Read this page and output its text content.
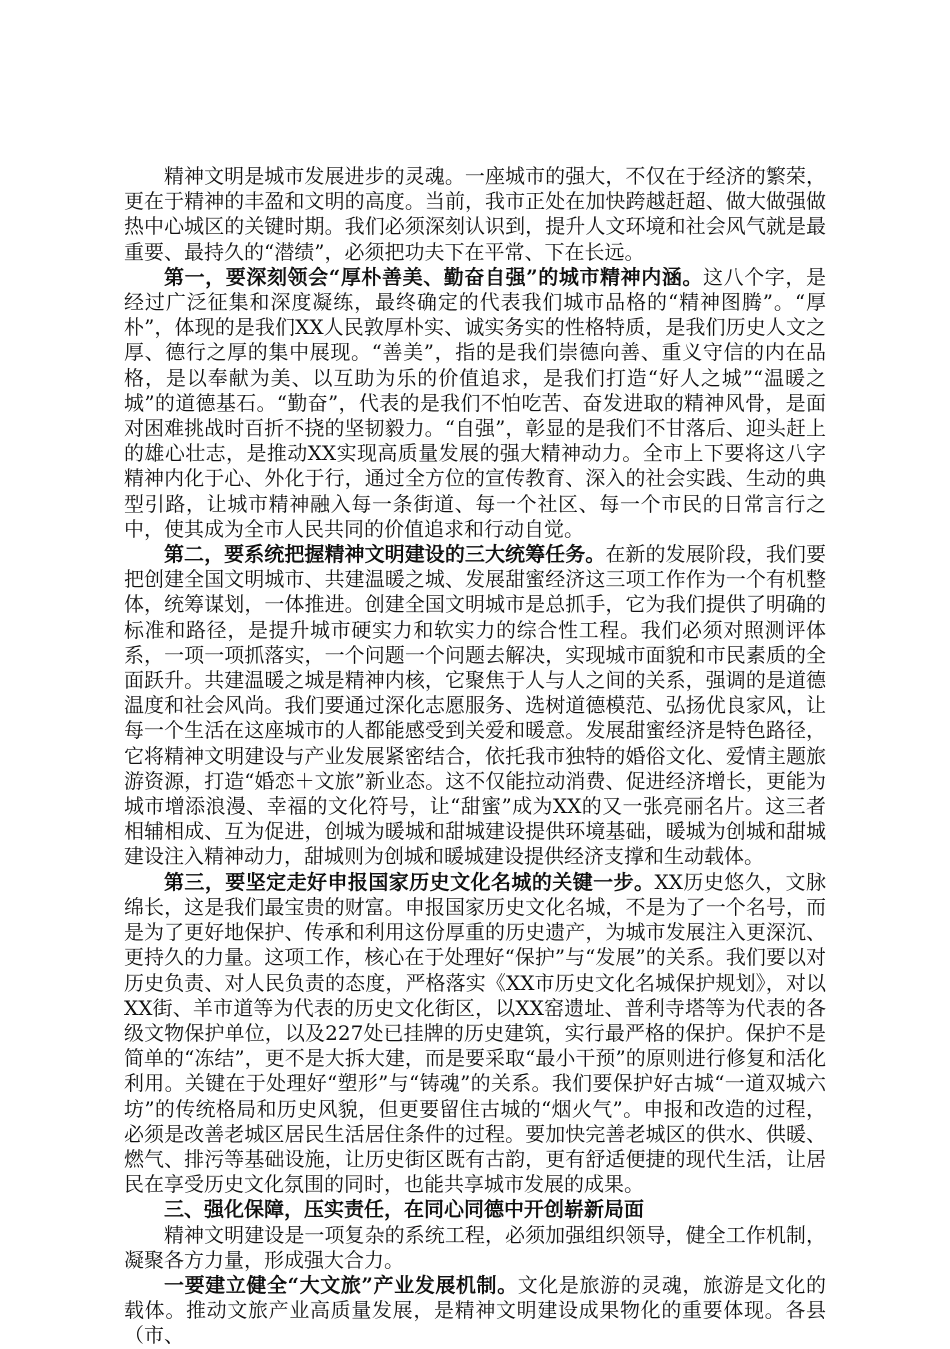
精神文明是城市发展进步的灵魂。一座城市的强大，不仅在于经济的繁荣，更在于精神的丰盈和文明的高度。当前，我市正处在加快跨越赶超、做大做强做热中心城区的关键时期。我们必须深刻认识到，提升人文环境和社会风气就是最重要、最持久的“潜绩”，必须把功夫下在平常、下在长远。

第一，要深刻领会“厚朴善美、勤奋自强”的城市精神内涵。这八个字，是经过广泛征集和深度凝练，最终确定的代表我们城市品格的“精神图腾”。“厚朴”，体现的是我们XX人民敦厚朴实、诚实务实的性格特质，是我们历史人文之厚、德行之厚的集中展现。“善美”，指的是我们崇德向善、重义守信的内在品格，是以奉献为美、以互助为乐的价值追求，是我们打造“好人之城”“温暖之城”的道德基石。“勤奋”，代表的是我们不怕吃苦、奋发进取的精神风骨，是面对困难挑战时百折不挠的坚韧毅力。“自强”，彰显的是我们不甘落后、迎头赶上的雄心壮志，是推动XX实现高质量发展的强大精神动力。全市上下要将这八字精神内化于心、外化于行，通过全方位的宣传教育、深入的社会实践、生动的典型引路，让城市精神融入每一条街道、每一个社区、每一个市民的日常言行之中，使其成为全市人民共同的价值追求和行动自觉。

第二，要系统把握精神文明建设的三大统筹任务。在新的发展阶段，我们要把创建全国文明城市、共建温暖之城、发展甜蜜经济这三项工作作为一个有机整体，统筹谋划，一体推进。创建全国文明城市是总抓手，它为我们提供了明确的标准和路径，是提升城市硬实力和软实力的综合性工程。我们必须对照测评体系，一项一项抓落实，一个问题一个问题去解决，实现城市面貌和市民素质的全面跃升。共建温暖之城是精神内核，它聚焦于人与人之间的关系，强调的是道德温度和社会风尚。我们要通过深化志愿服务、选树道德模范、弘扬优良家风，让每一个生活在这座城市的人都能感受到关爱和暖意。发展甜蜜经济是特色路径，它将精神文明建设与产业发展紧密结合，依托我市独特的婚俗文化、爱情主题旅游资源，打造“婚恋＋文旅”新业态。这不仅能拉动消费、促进经济增长，更能为城市增添浪漫、幸福的文化符号，让“甜蜜”成为XX的又一张亮丽名片。这三者相辅相成、互为促进，创城为暖城和甜城建设提供环境基础，暖城为创城和甜城建设注入精神动力，甜城则为创城和暖城建设提供经济支撑和生动载体。

第三，要坚定走好申报国家历史文化名城的关键一步。XX历史悠久，文脉绵长，这是我们最宝贵的财富。申报国家历史文化名城，不是为了一个名号，而是为了更好地保护、传承和利用这份厚重的历史遗产，为城市发展注入更深沉、更持久的力量。这项工作，核心在于处理好“保护”与“发展”的关系。我们要以对历史负责、对人民负责的态度，严格落实《XX市历史文化名城保护规划》，对以XX街、羊市道等为代表的历史文化街区，以XX窑遗址、普利寺塔等为代表的各级文物保护单位，以及227处已挂牌的历史建筑，实行最严格的保护。保护不是简单的“冻结”，更不是大拆大建，而是要采取“最小干预”的原则进行修复和活化利用。关键在于处理好“塑形”与“铸魂”的关系。我们要保护好古城“一道双城六坊”的传统格局和历史风貌，但更要留住古城的“烟火气”。申报和改造的过程，必须是改善老城区居民生活居住条件的过程。要加快完善老城区的供水、供暖、燃气、排污等基础设施，让历史街区既有古韵，更有舒适便捷的现代生活，让居民在享受历史文化氛围的同时，也能共享城市发展的成果。

三、强化保障，压实责任，在同心同德中开创崭新局面

精神文明建设是一项复杂的系统工程，必须加强组织领导，健全工作机制，凝聚各方力量，形成强大合力。

一要建立健全“大文旅”产业发展机制。文化是旅游的灵魂，旅游是文化的载体。推动文旅产业高质量发展，是精神文明建设成果物化的重要体现。各县（市、
